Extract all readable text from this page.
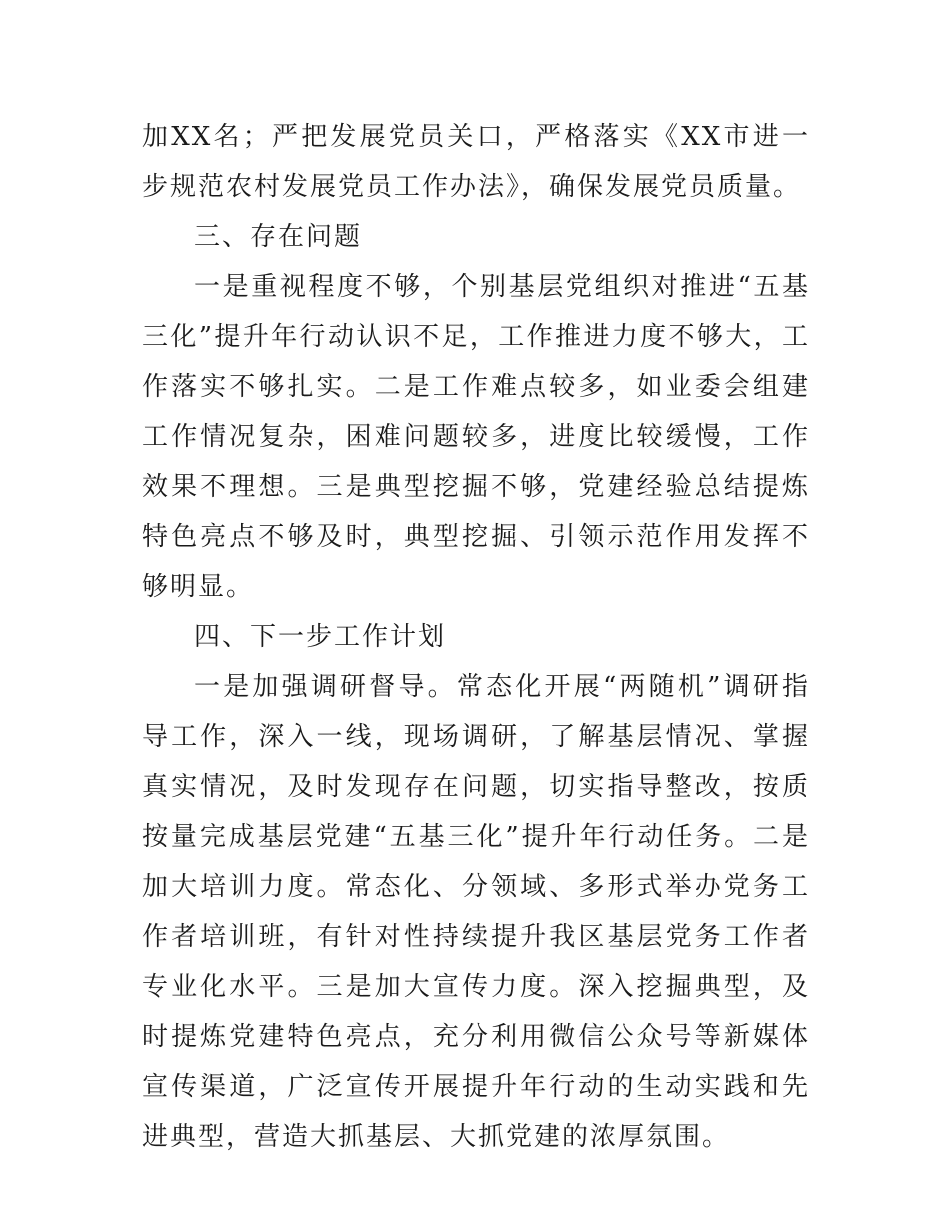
加XX名；严把发展党员关口，严格落实《XX市进一步规范农村发展党员工作办法》，确保发展党员质量。

三、存在问题

一是重视程度不够，个别基层党组织对推进“五基三化”提升年行动认识不足，工作推进力度不够大，工作落实不够扎实。二是工作难点较多，如业委会组建工作情况复杂，困难问题较多，进度比较缓慢，工作效果不理想。三是典型挖掘不够，党建经验总结提炼特色亮点不够及时，典型挖掘、引领示范作用发挥不够明显。

四、下一步工作计划

一是加强调研督导。常态化开展“两随机”调研指导工作，深入一线，现场调研，了解基层情况、掌握真实情况，及时发现存在问题，切实指导整改，按质按量完成基层党建“五基三化”提升年行动任务。二是加大培训力度。常态化、分领域、多形式举办党务工作者培训班，有针对性持续提升我区基层党务工作者专业化水平。三是加大宣传力度。深入挖掘典型，及时提炼党建特色亮点，充分利用微信公众号等新媒体宣传渠道，广泛宣传开展提升年行动的生动实践和先进典型，营造大抓基层、大抓党建的浓厚氛围。
